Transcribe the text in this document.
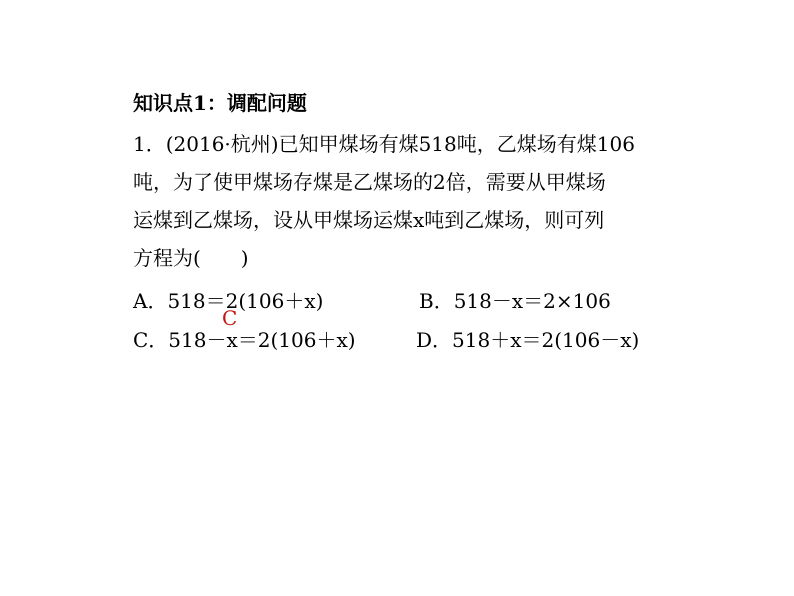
知识点1：调配问题
1．(2016·杭州)已知甲煤场有煤518吨，乙煤场有煤106
吨，为了使甲煤场存煤是乙煤场的2倍，需要从甲煤场
运煤到乙煤场，设从甲煤场运煤x吨到乙煤场，则可列
方程为(　　)
A．518＝2(106＋x)	B．518－x＝2×106
C
C．518－x＝2(106＋x)	D．518＋x＝2(106－x)
